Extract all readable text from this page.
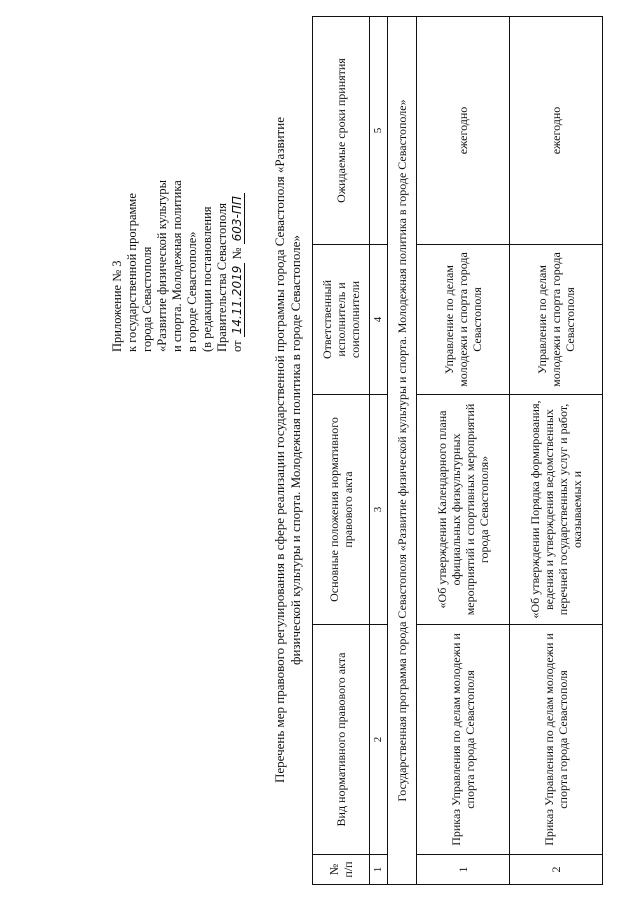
Приложение № 3 к государственной программе города Севастополя «Развитие физической культуры и спорта. Молодежная политика в городе Севастополе» (в редакции постановления Правительства Севастополя от 14.11.2019 № 603-ПП Перечень мер правового регулирования в сфере реализации государственной программы города Севастополя «Развитие физической культуры и спорта. Молодежная политика в городе Севастополе»
№ п/п	Вид нормативного правового акта	Основные положения нормативного правового акта	Ответственный исполнитель и соисполнители	Ожидаемые сроки принятия
1	2	3	4	5
Государственная программа города Севастополя «Развитие физической культуры и спорта. Молодежная политика в городе Севастополе»				
1	Приказ Управления по делам молодежи и спорта города Севастополя	«Об утверждении Календарного плана официальных физкультурных мероприятий и спортивных мероприятий города Севастополя»	Управление по делам молодежи и спорта города Севастополя	ежегодно
2	Приказ Управления по делам молодежи и спорта города Севастополя	«Об утверждении Порядка формирования, ведения и утверждения ведомственных перечней государственных услуг и работ, оказываемых и	Управление по делам молодежи и спорта города Севастополя	ежегодно
